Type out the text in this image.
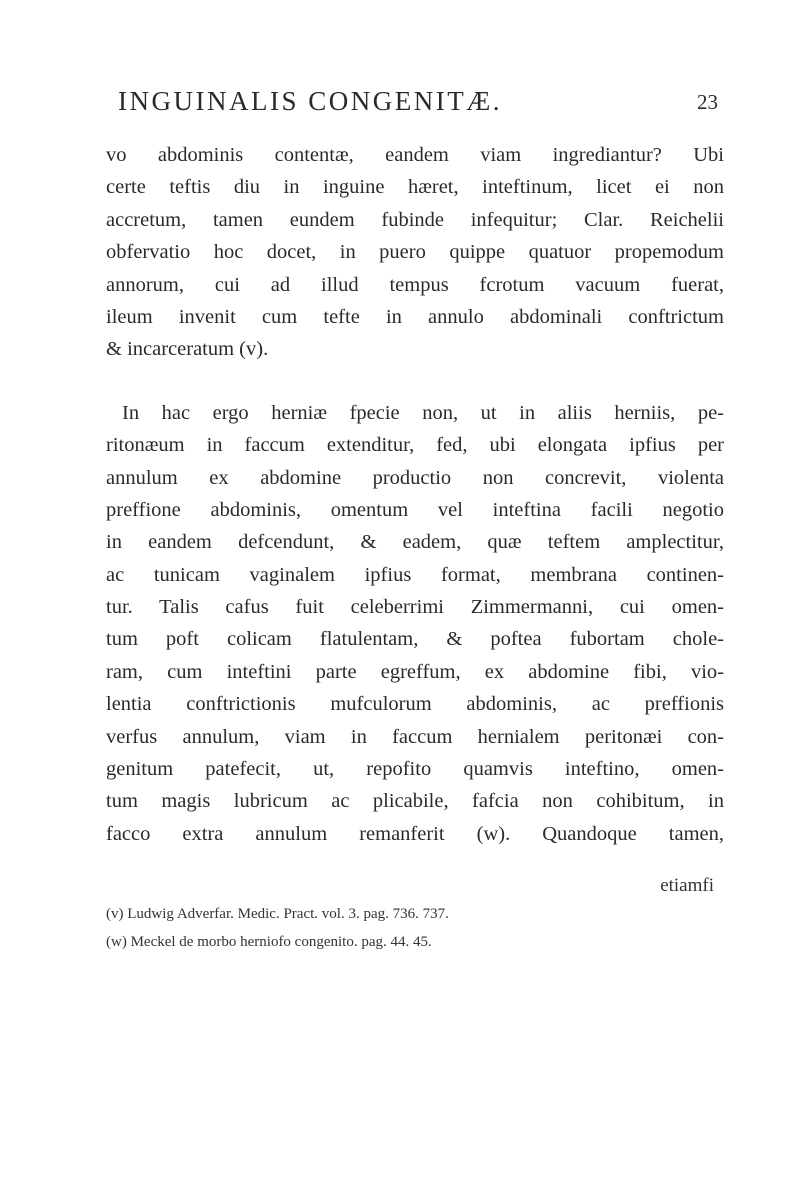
INGUINALIS CONGENITÆ.	23
vo abdominis contentæ, eandem viam ingrediantur? Ubi
certe teftis diu in inguine hæret, inteftinum, licet ei non
accretum, tamen eundem fubinde infequitur; Clar. Reichelii
obfervatio hoc docet, in puero quippe quatuor propemodum
annorum, cui ad illud tempus fcrotum vacuum fuerat,
ileum invenit cum tefte in annulo abdominali conftrictum
& incarceratum (v).
In hac ergo herniæ fpecie non, ut in aliis herniis, pe-
ritonæum in faccum extenditur, fed, ubi elongata ipfius per
annulum ex abdomine productio non concrevit, violenta
preffione abdominis, omentum vel inteftina facili negotio
in eandem defcendunt, & eadem, quæ teftem amplectitur,
ac tunicam vaginalem ipfius format, membrana continen-
tur. Talis cafus fuit celeberrimi Zimmermanni, cui omen-
tum poft colicam flatulentam, & poftea fubortam chole-
ram, cum inteftini parte egreffum, ex abdomine fibi, vio-
lentia conftrictionis mufculorum abdominis, ac preffionis
verfus annulum, viam in faccum hernialem peritonæi con-
genitum patefecit, ut, repofito quamvis inteftino, omen-
tum magis lubricum ac plicabile, fafcia non cohibitum, in
facco extra annulum remanferit (w). Quandoque tamen,
etiamfi
(v) Ludwig Adverfar. Medic. Pract. vol. 3. pag. 736. 737.
(w) Meckel de morbo herniofo congenito. pag. 44. 45.
